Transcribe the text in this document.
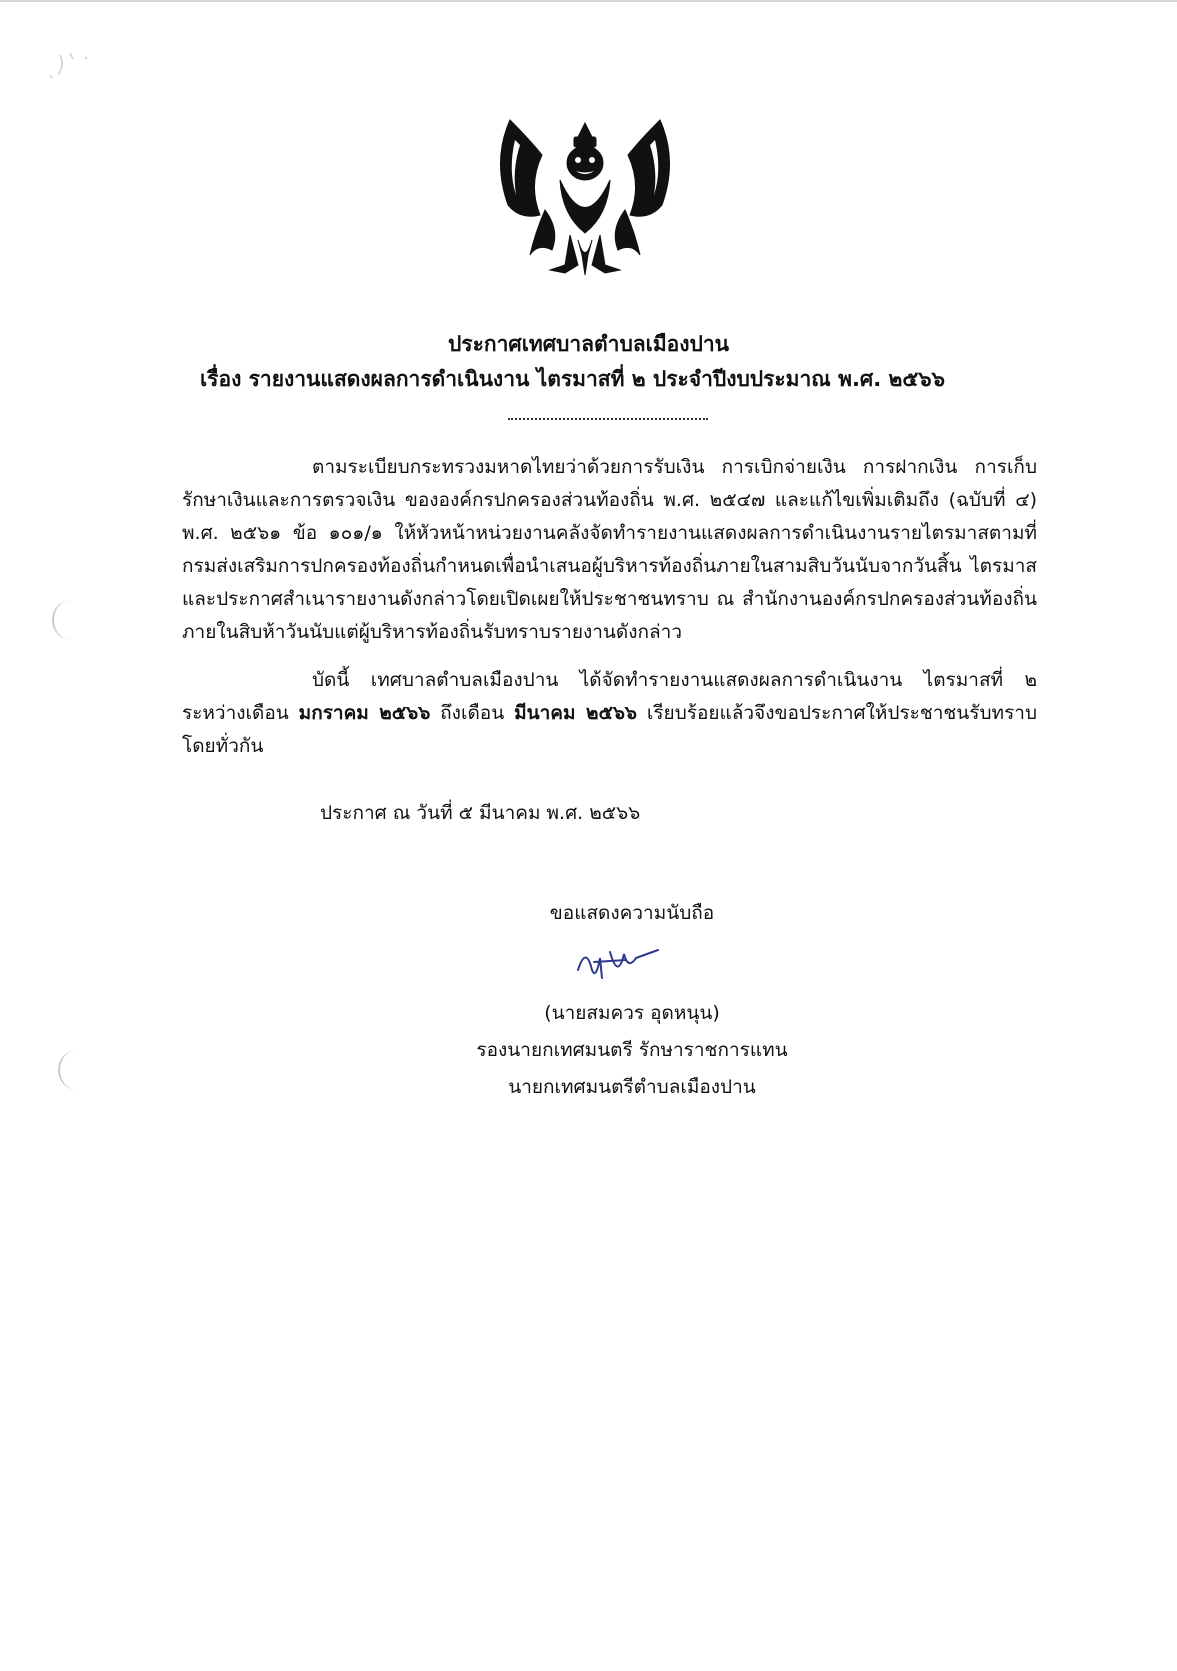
ประกาศเทศบาลตำบลเมืองปาน
เรื่อง รายงานแสดงผลการดำเนินงาน ไตรมาสที่ ๒ ประจำปีงบประมาณ พ.ศ. ๒๕๖๖

ตามระเบียบกระทรวงมหาดไทยว่าด้วยการรับเงิน การเบิกจ่ายเงิน การฝากเงิน การเก็บรักษาเงินและการตรวจเงิน ขององค์กรปกครองส่วนท้องถิ่น พ.ศ. ๒๕๔๗ และแก้ไขเพิ่มเติมถึง (ฉบับที่ ๔) พ.ศ. ๒๕๖๑ ข้อ ๑๐๑/๑ ให้หัวหน้าหน่วยงานคลังจัดทำรายงานแสดงผลการดำเนินงานรายไตรมาสตามที่กรมส่งเสริมการปกครองท้องถิ่นกำหนดเพื่อนำเสนอผู้บริหารท้องถิ่นภายในสามสิบวันนับจากวันสิ้น ไตรมาส และประกาศสำเนารายงานดังกล่าวโดยเปิดเผยให้ประชาชนทราบ ณ สำนักงานองค์กรปกครองส่วนท้องถิ่นภายในสิบห้าวันนับแต่ผู้บริหารท้องถิ่นรับทราบรายงานดังกล่าว

บัดนี้ เทศบาลตำบลเมืองปาน ได้จัดทำรายงานแสดงผลการดำเนินงาน ไตรมาสที่ ๒ ระหว่างเดือน มกราคม ๒๕๖๖ ถึงเดือน มีนาคม ๒๕๖๖ เรียบร้อยแล้วจึงขอประกาศให้ประชาชนรับทราบโดยทั่วกัน

ประกาศ ณ วันที่ ๕ มีนาคม พ.ศ. ๒๕๖๖

ขอแสดงความนับถือ

(นายสมควร อุดหนุน)

รองนายกเทศมนตรี รักษาราชการแทน

นายกเทศมนตรีตำบลเมืองปาน
